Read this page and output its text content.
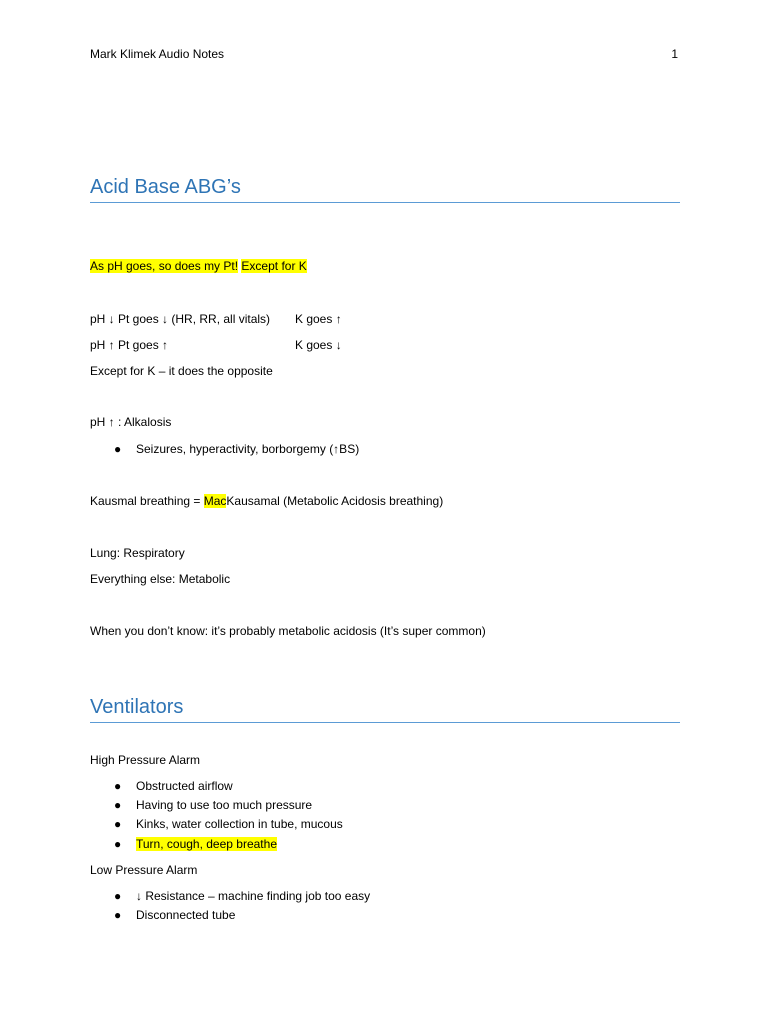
Mark Klimek Audio Notes	1
Acid Base ABG’s
As pH goes, so does my Pt! Except for K
pH ↓ Pt goes ↓ (HR, RR, all vitals) K goes ↑
pH ↑ Pt goes ↑	K goes ↓
Except for K – it does the opposite
pH ↑ : Alkalosis
● Seizures, hyperactivity, borborgemy (↑BS)
Kausmal breathing = MacKausamal (Metabolic Acidosis breathing)
Lung: Respiratory
Everything else: Metabolic
When you don’t know: it’s probably metabolic acidosis (It’s super common)
Ventilators
High Pressure Alarm
● Obstructed airflow
● Having to use too much pressure
● Kinks, water collection in tube, mucous
● Turn, cough, deep breathe
Low Pressure Alarm
● ↓ Resistance – machine finding job too easy
● Disconnected tube
